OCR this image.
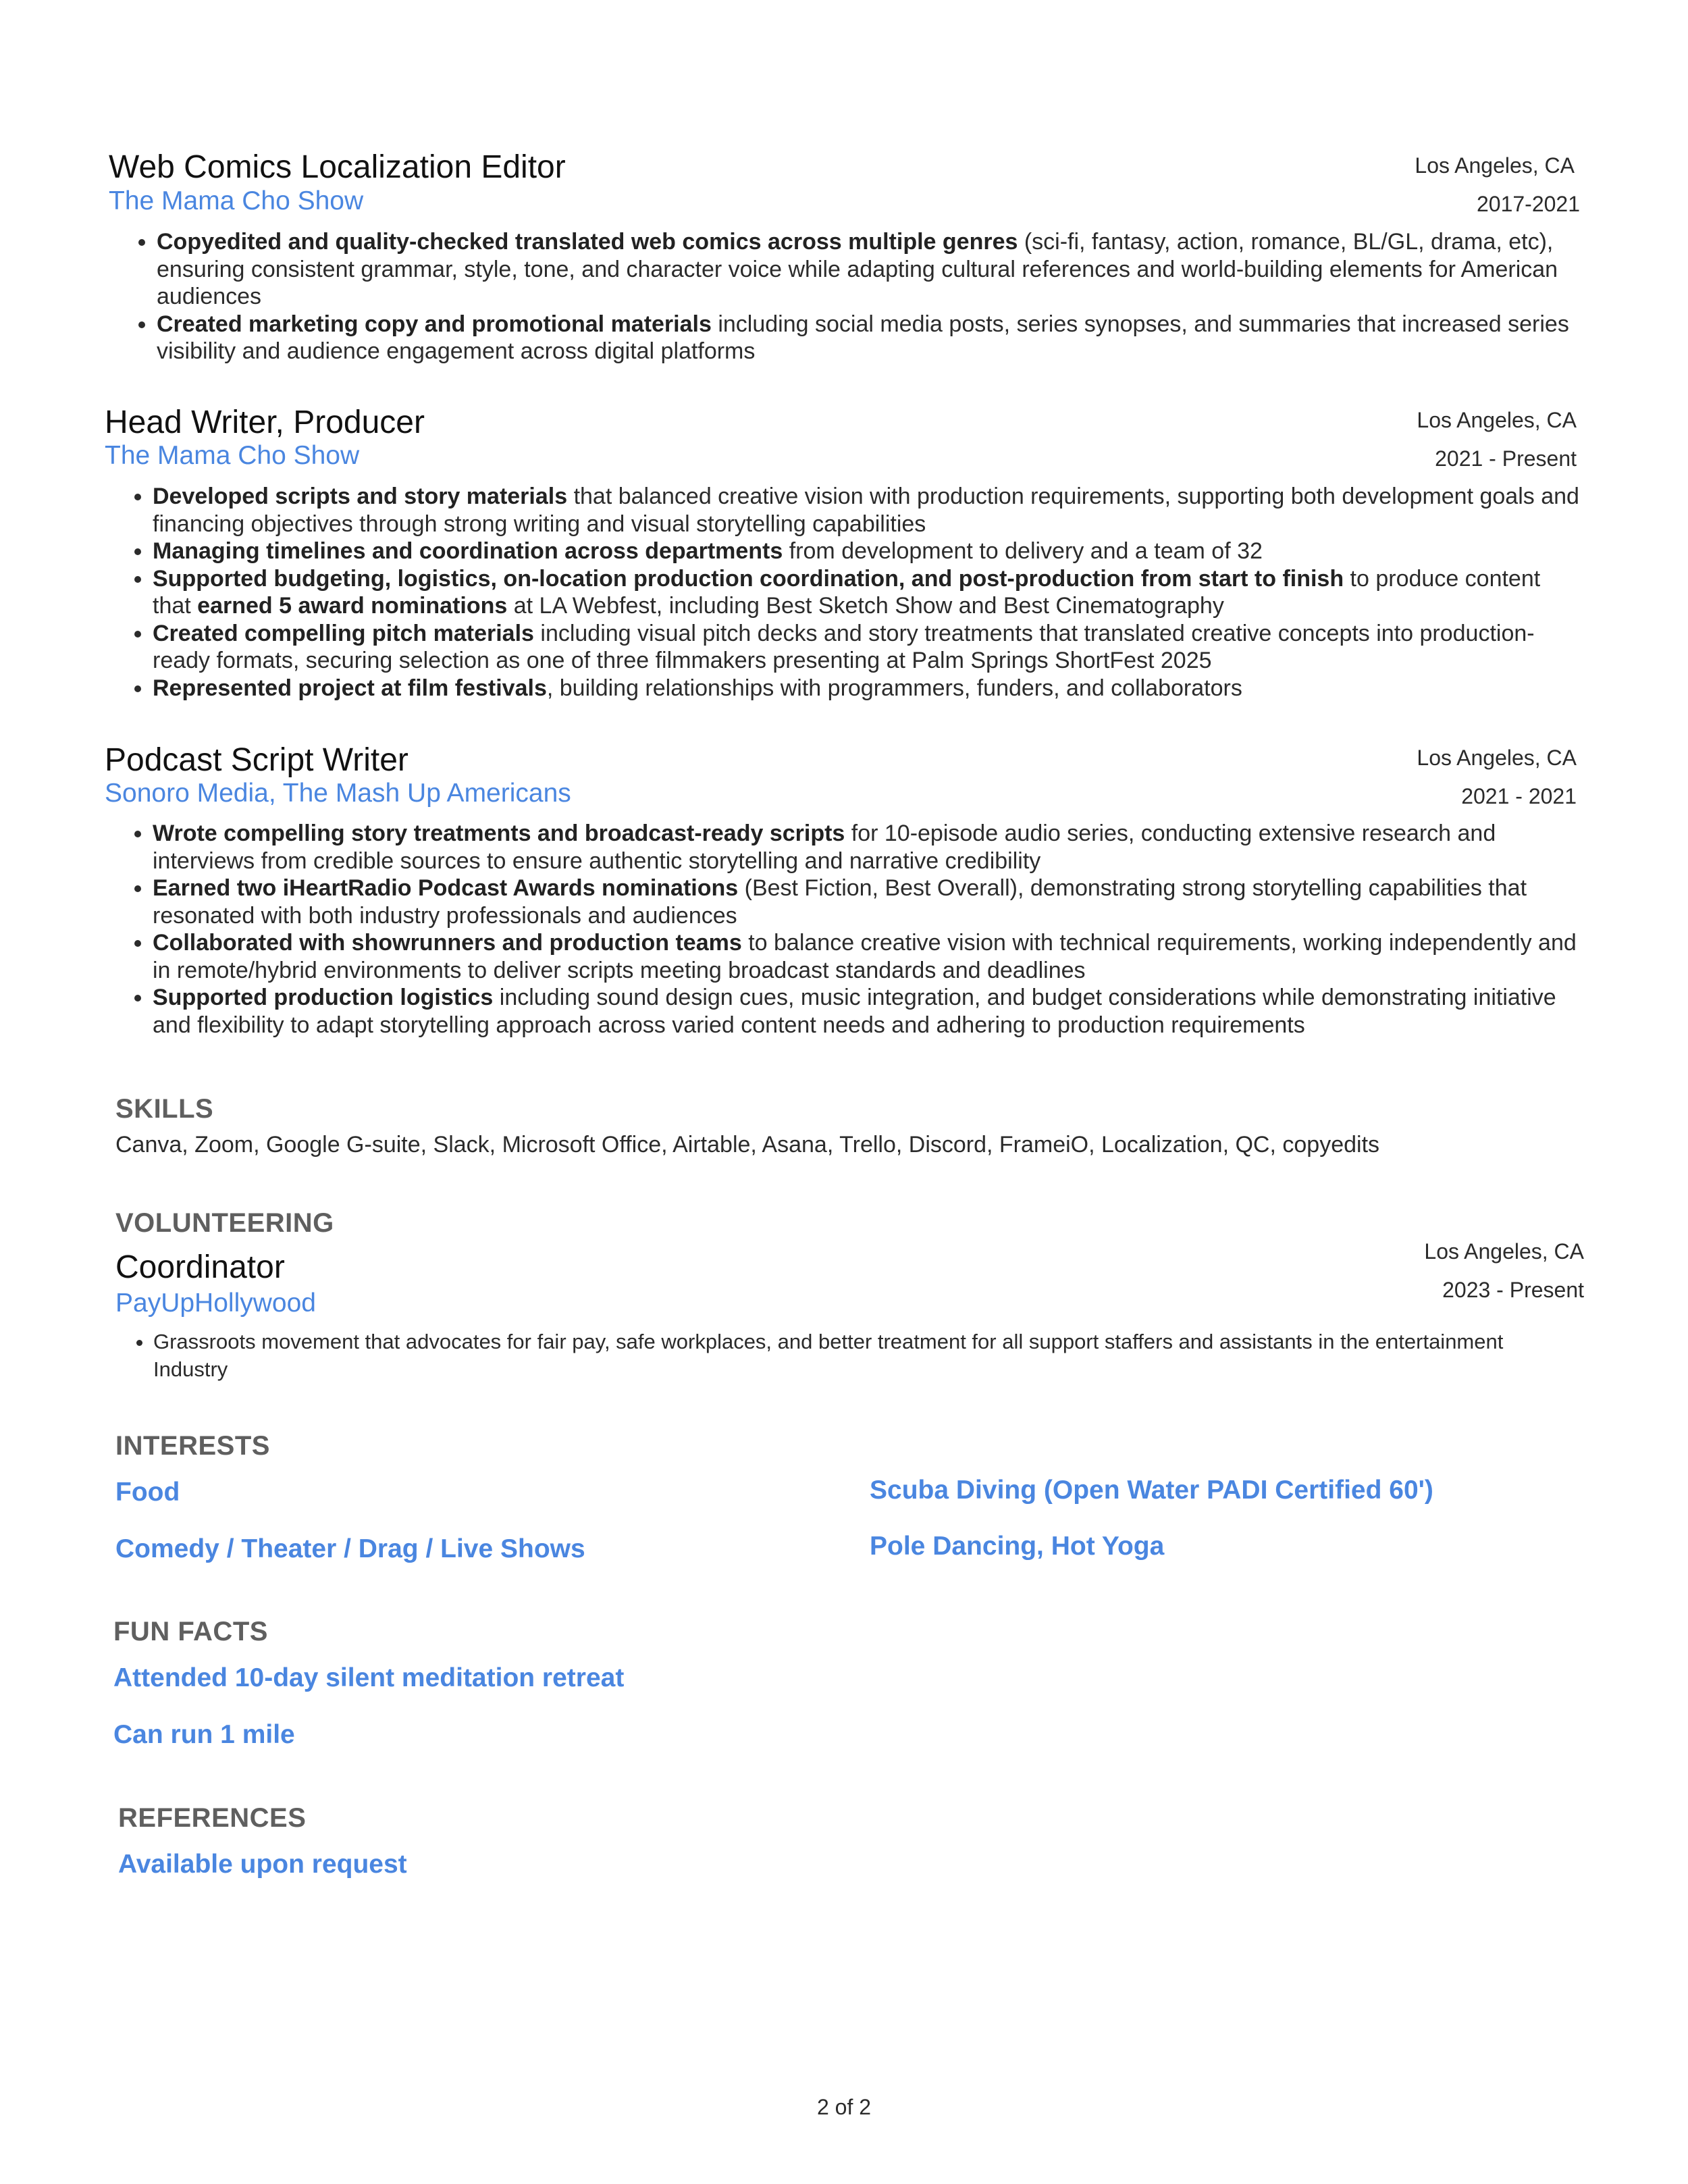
Web Comics Localization Editor
The Mama Cho Show
Los Angeles, CA
2017-2021
• Copyedited and quality-checked translated web comics across multiple genres (sci-fi, fantasy, action, romance, BL/GL, drama, etc), ensuring consistent grammar, style, tone, and character voice while adapting cultural references and world-building elements for American audiences
• Created marketing copy and promotional materials including social media posts, series synopses, and summaries that increased series visibility and audience engagement across digital platforms
Head Writer, Producer
The Mama Cho Show
Los Angeles, CA
2021 - Present
• Developed scripts and story materials that balanced creative vision with production requirements, supporting both development goals and financing objectives through strong writing and visual storytelling capabilities
• Managing timelines and coordination across departments from development to delivery and a team of 32
• Supported budgeting, logistics, on-location production coordination, and post-production from start to finish to produce content that earned 5 award nominations at LA Webfest, including Best Sketch Show and Best Cinematography
• Created compelling pitch materials including visual pitch decks and story treatments that translated creative concepts into production-ready formats, securing selection as one of three filmmakers presenting at Palm Springs ShortFest 2025
• Represented project at film festivals, building relationships with programmers, funders, and collaborators
Podcast Script Writer
Sonoro Media, The Mash Up Americans
Los Angeles, CA
2021 - 2021
• Wrote compelling story treatments and broadcast-ready scripts for 10-episode audio series, conducting extensive research and interviews from credible sources to ensure authentic storytelling and narrative credibility
• Earned two iHeartRadio Podcast Awards nominations (Best Fiction, Best Overall), demonstrating strong storytelling capabilities that resonated with both industry professionals and audiences
• Collaborated with showrunners and production teams to balance creative vision with technical requirements, working independently and in remote/hybrid environments to deliver scripts meeting broadcast standards and deadlines
• Supported production logistics including sound design cues, music integration, and budget considerations while demonstrating initiative and flexibility to adapt storytelling approach across varied content needs and adhering to production requirements
SKILLS
Canva, Zoom, Google G-suite, Slack, Microsoft Office, Airtable, Asana, Trello, Discord, FrameiO, Localization, QC, copyedits
VOLUNTEERING
Coordinator
PayUpHollywood
Los Angeles, CA
2023 - Present
• Grassroots movement that advocates for fair pay, safe workplaces, and better treatment for all support staffers and assistants in the entertainment Industry
INTERESTS
Food	Scuba Diving (Open Water PADI Certified 60')
Comedy / Theater / Drag / Live Shows	Pole Dancing, Hot Yoga
FUN FACTS
Attended 10-day silent meditation retreat
Can run 1 mile
REFERENCES
Available upon request
2 of 2
